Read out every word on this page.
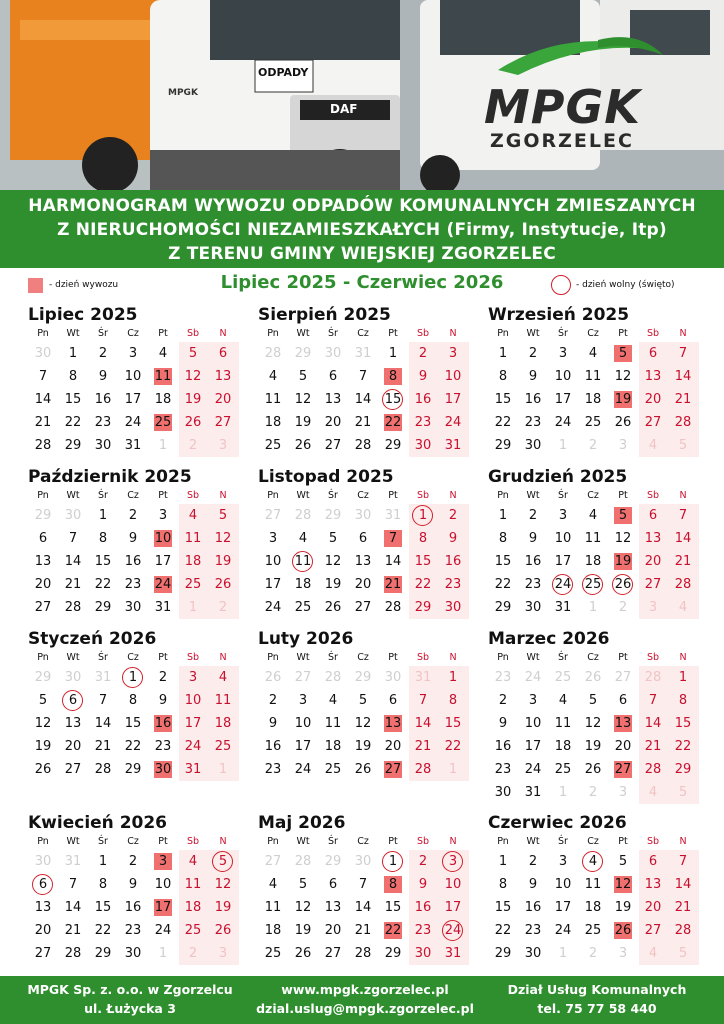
ODPADY
DAF
MPGK	MPGK
ZGORZELEC
HARMONOGRAM WYWOZU ODPADÓW KOMUNALNYCH ZMIESZANYCH
Z NIERUCHOMOŚCI NIEZAMIESZKAŁYCH (Firmy, Instytucje, Itp)
Z TERENU GMINY WIEJSKIEJ ZGORZELEC
- dzień wywozu	Lipiec 2025 - Czerwiec 2026	- dzień wolny (święto)
Lipiec 2025
Pn	Wt	Śr	Cz	Pt	Sb	N
30	1	2	3	4	5	6
7	8	9	10	11	12	13
14	15	16	17	18	19	20
21	22	23	24	25	26	27
28	29	30	31	1	2	3
Sierpień 2025
Pn	Wt	Śr	Cz	Pt	Sb	N
28	29	30	31	1	2	3
4	5	6	7	8	9	10
11	12	13	14	15	16	17
18	19	20	21	22	23	24
25	26	27	28	29	30	31
Wrzesień 2025
Pn	Wt	Śr	Cz	Pt	Sb	N
1	2	3	4	5	6	7
8	9	10	11	12	13	14
15	16	17	18	19	20	21
22	23	24	25	26	27	28
29	30	1	2	3	4	5
Październik 2025
Pn	Wt	Śr	Cz	Pt	Sb	N
29	30	1	2	3	4	5
6	7	8	9	10	11	12
13	14	15	16	17	18	19
20	21	22	23	24	25	26
27	28	29	30	31	1	2
Listopad 2025
Pn	Wt	Śr	Cz	Pt	Sb	N
27	28	29	30	31	1	2
3	4	5	6	7	8	9
10	11	12	13	14	15	16
17	18	19	20	21	22	23
24	25	26	27	28	29	30
Grudzień 2025
Pn	Wt	Śr	Cz	Pt	Sb	N
1	2	3	4	5	6	7
8	9	10	11	12	13	14
15	16	17	18	19	20	21
22	23	24	25	26	27	28
29	30	31	1	2	3	4
Styczeń 2026
Pn	Wt	Śr	Cz	Pt	Sb	N
29	30	31	1	2	3	4
5	6	7	8	9	10	11
12	13	14	15	16	17	18
19	20	21	22	23	24	25
26	27	28	29	30	31	1
Luty 2026
Pn	Wt	Śr	Cz	Pt	Sb	N
26	27	28	29	30	31	1
2	3	4	5	6	7	8
9	10	11	12	13	14	15
16	17	18	19	20	21	22
23	24	25	26	27	28	1
Marzec 2026
Pn	Wt	Śr	Cz	Pt	Sb	N
23	24	25	26	27	28	1
2	3	4	5	6	7	8
9	10	11	12	13	14	15
16	17	18	19	20	21	22
23	24	25	26	27	28	29
30	31	1	2	3	4	5
Kwiecień 2026
Pn	Wt	Śr	Cz	Pt	Sb	N
30	31	1	2	3	4	5
6	7	8	9	10	11	12
13	14	15	16	17	18	19
20	21	22	23	24	25	26
27	28	29	30	1	2	3
Maj 2026
Pn	Wt	Śr	Cz	Pt	Sb	N
27	28	29	30	1	2	3
4	5	6	7	8	9	10
11	12	13	14	15	16	17
18	19	20	21	22	23	24
25	26	27	28	29	30	31
Czerwiec 2026
Pn	Wt	Śr	Cz	Pt	Sb	N
1	2	3	4	5	6	7
8	9	10	11	12	13	14
15	16	17	18	19	20	21
22	23	24	25	26	27	28
29	30	1	2	3	4	5
MPGK Sp. z. o.o. w Zgorzelcu
ul. Łużycka 3
www.mpgk.zgorzelec.pl
dzial.uslug@mpgk.zgorzelec.pl
Dział Usług Komunalnych
tel. 75 77 58 440
